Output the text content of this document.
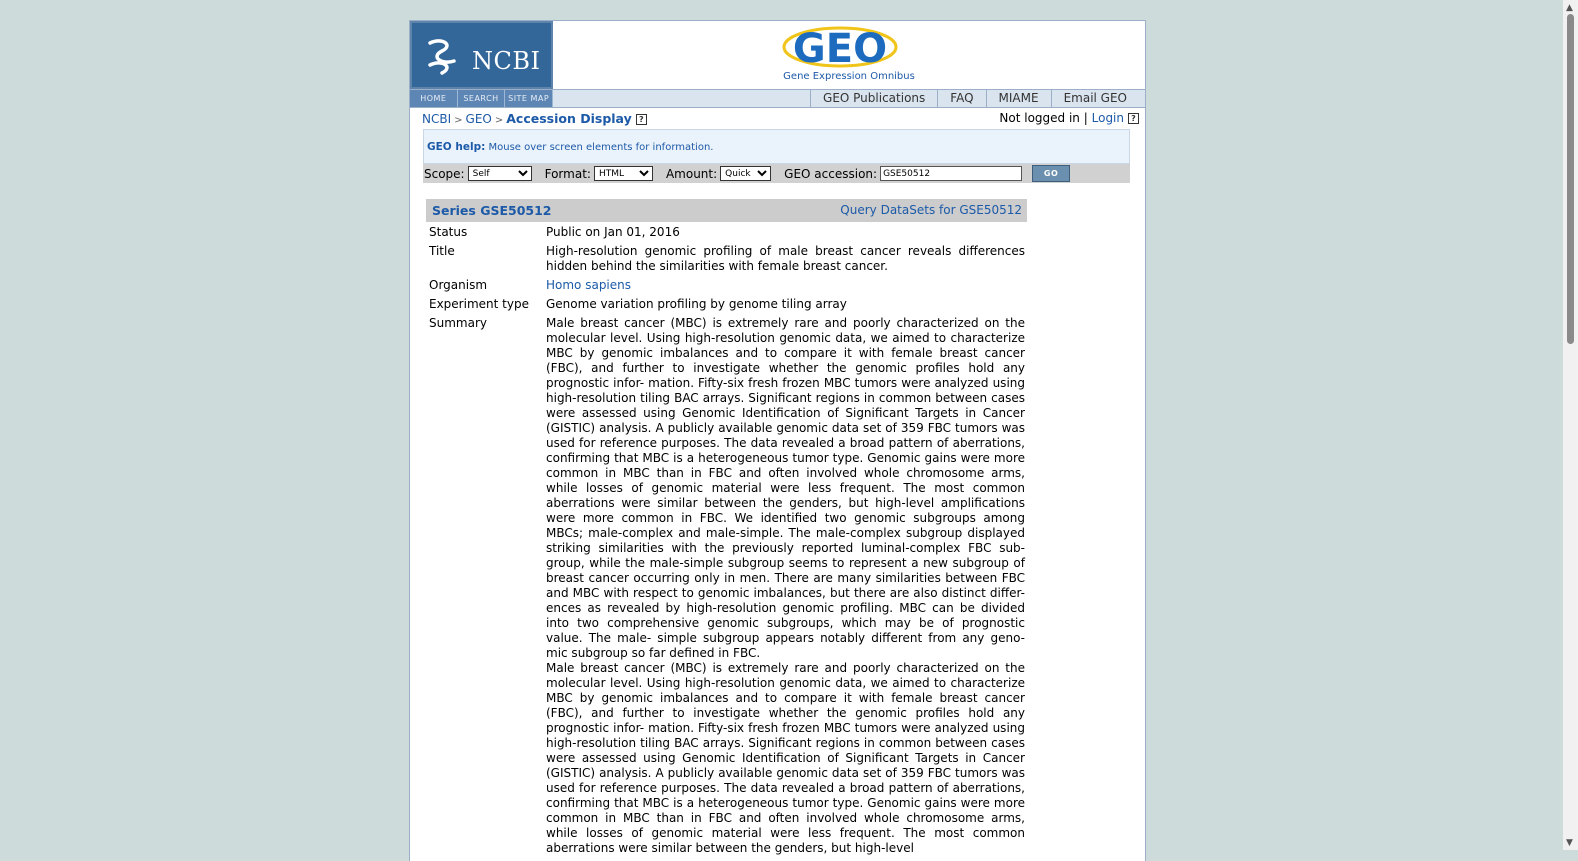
NCBI	GEO
Gene Expression Omnibus
HOME	SEARCH	SITE MAP	GEO Publications	FAQ	MIAME	Email GEO
NCBI > GEO > Accession Display ?	Not logged in | Login ?
GEO help: Mouse over screen elements for information.
Scope:
Self	Format:
HTML	Amount:
Quick	GEO accession:
GSE50512	GO
Series GSE50512	Query DataSets for GSE50512
Status	Public on Jan 01, 2016
Title	High-resolution genomic profiling of male breast cancer reveals differences hidden behind the similarities with female breast cancer.
Organism	Homo sapiens
Experiment type	Genome variation profiling by genome tiling array
Summary	Male breast cancer (MBC) is extremely rare and poorly characterized on the molecular level. Using high-resolution genomic data, we aimed to characterize MBC by genomic imbalances and to compare it with female breast cancer (FBC), and further to investigate whether the genomic profiles hold any prognostic infor- mation. Fifty-six fresh frozen MBC tumors were analyzed using high-resolution tiling BAC arrays. Significant regions in common between cases were assessed using Genomic Identification of Significant Targets in Cancer (GISTIC) analysis. A publicly available genomic data set of 359 FBC tumors was used for reference purposes. The data revealed a broad pattern of aberrations, confirming that MBC is a heterogeneous tumor type. Genomic gains were more common in MBC than in FBC and often involved whole chromosome arms, while losses of genomic material were less frequent. The most common aberrations were similar between the genders, but high-level amplifications were more common in FBC. We identified two genomic subgroups among MBCs; male-complex and male-simple. The male-complex subgroup displayed striking similarities with the previously reported luminal-complex FBC sub- group, while the male-simple subgroup seems to represent a new subgroup of breast cancer occurring only in men. There are many similarities between FBC and MBC with respect to genomic imbalances, but there are also distinct differ- ences as revealed by high-resolution genomic profiling. MBC can be divided into two comprehensive genomic subgroups, which may be of prognostic value. The male- simple subgroup appears notably different from any geno- mic subgroup so far defined in FBC.
Male breast cancer (MBC) is extremely rare and poorly characterized on the molecular level. Using high-resolution genomic data, we aimed to characterize MBC by genomic imbalances and to compare it with female breast cancer (FBC), and further to investigate whether the genomic profiles hold any prognostic infor- mation. Fifty-six fresh frozen MBC tumors were analyzed using high-resolution tiling BAC arrays. Significant regions in common between cases were assessed using Genomic Identification of Significant Targets in Cancer (GISTIC) analysis. A publicly available genomic data set of 359 FBC tumors was used for reference purposes. The data revealed a broad pattern of aberrations, confirming that MBC is a heterogeneous tumor type. Genomic gains were more common in MBC than in FBC and often involved whole chromosome arms, while losses of genomic material were less frequent. The most common aberrations were similar between the genders, but high-level
▲
▼
